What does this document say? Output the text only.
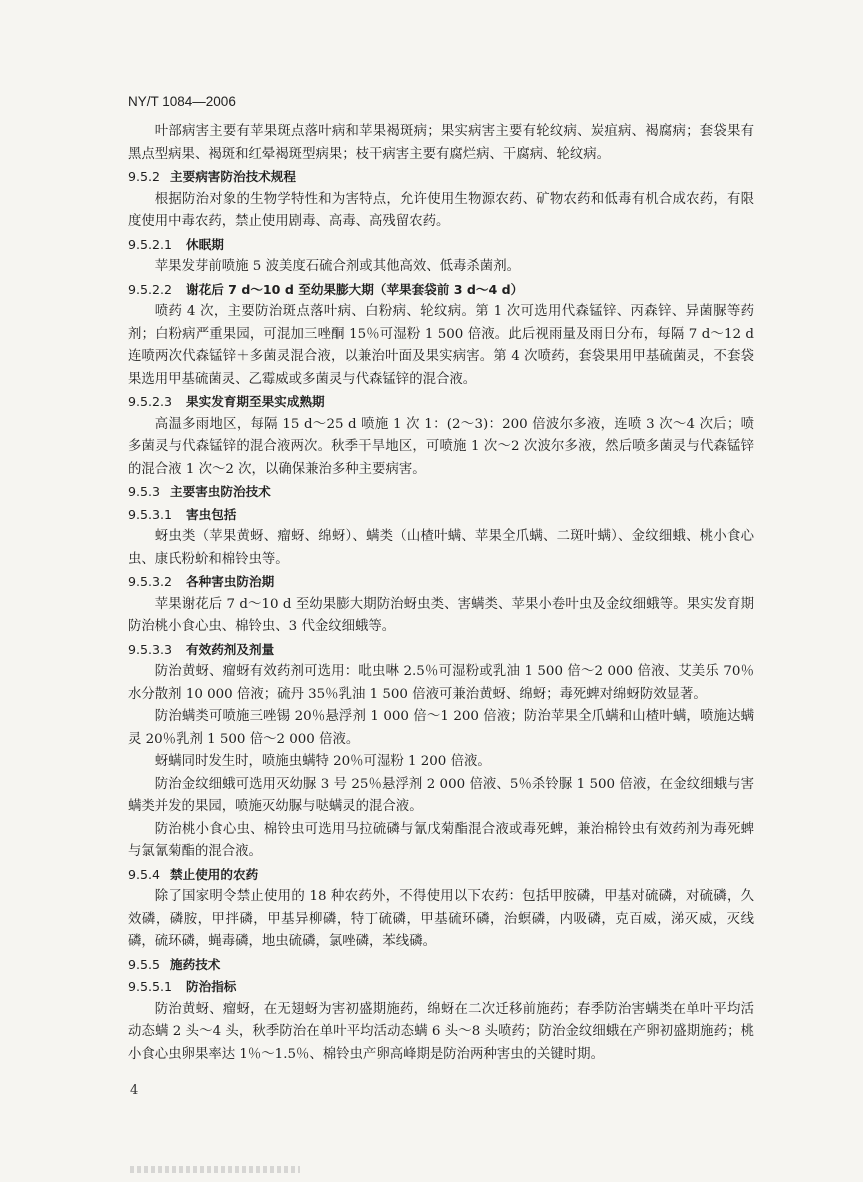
NY/T 1084—2006

叶部病害主要有苹果斑点落叶病和苹果褐斑病；果实病害主要有轮纹病、炭疽病、褐腐病；套袋果有黑点型病果、褐斑和红晕褐斑型病果；枝干病害主要有腐烂病、干腐病、轮纹病。

9.5.2 主要病害防治技术规程

根据防治对象的生物学特性和为害特点，允许使用生物源农药、矿物农药和低毒有机合成农药，有限度使用中毒农药，禁止使用剧毒、高毒、高残留农药。

9.5.2.1 休眠期

苹果发芽前喷施 5 波美度石硫合剂或其他高效、低毒杀菌剂。

9.5.2.2 谢花后 7 d～10 d 至幼果膨大期（苹果套袋前 3 d～4 d）

喷药 4 次，主要防治斑点落叶病、白粉病、轮纹病。第 1 次可选用代森锰锌、丙森锌、异菌脲等药剂；白粉病严重果园，可混加三唑酮 15％可湿粉 1 500 倍液。此后视雨量及雨日分布，每隔 7 d～12 d 连喷两次代森锰锌＋多菌灵混合液，以兼治叶面及果实病害。第 4 次喷药，套袋果用甲基硫菌灵，不套袋果选用甲基硫菌灵、乙霉威或多菌灵与代森锰锌的混合液。

9.5.2.3 果实发育期至果实成熟期

高温多雨地区，每隔 15 d～25 d 喷施 1 次 1：(2～3)：200 倍波尔多液，连喷 3 次～4 次后；喷多菌灵与代森锰锌的混合液两次。秋季干旱地区，可喷施 1 次～2 次波尔多液，然后喷多菌灵与代森锰锌的混合液 1 次～2 次，以确保兼治多种主要病害。

9.5.3 主要害虫防治技术
9.5.3.1 害虫包括

蚜虫类（苹果黄蚜、瘤蚜、绵蚜）、螨类（山楂叶螨、苹果全爪螨、二斑叶螨）、金纹细蛾、桃小食心虫、康氏粉蚧和棉铃虫等。

9.5.3.2 各种害虫防治期

苹果谢花后 7 d～10 d 至幼果膨大期防治蚜虫类、害螨类、苹果小卷叶虫及金纹细蛾等。果实发育期防治桃小食心虫、棉铃虫、3 代金纹细蛾等。

9.5.3.3 有效药剂及剂量

防治黄蚜、瘤蚜有效药剂可选用：吡虫啉 2.5％可湿粉或乳油 1 500 倍～2 000 倍液、艾美乐 70％水分散剂 10 000 倍液；硫丹 35％乳油 1 500 倍液可兼治黄蚜、绵蚜；毒死蜱对绵蚜防效显著。

防治螨类可喷施三唑锡 20％悬浮剂 1 000 倍～1 200 倍液；防治苹果全爪螨和山楂叶螨，喷施达螨灵 20％乳剂 1 500 倍～2 000 倍液。

蚜螨同时发生时，喷施虫螨特 20％可湿粉 1 200 倍液。

防治金纹细蛾可选用灭幼脲 3 号 25％悬浮剂 2 000 倍液、5％杀铃脲 1 500 倍液，在金纹细蛾与害螨类并发的果园，喷施灭幼脲与哒螨灵的混合液。

防治桃小食心虫、棉铃虫可选用马拉硫磷与氰戊菊酯混合液或毒死蜱，兼治棉铃虫有效药剂为毒死蜱与氯氰菊酯的混合液。

9.5.4 禁止使用的农药

除了国家明令禁止使用的 18 种农药外，不得使用以下农药：包括甲胺磷，甲基对硫磷，对硫磷，久效磷，磷胺，甲拌磷，甲基异柳磷，特丁硫磷，甲基硫环磷，治螟磷，内吸磷，克百威，涕灭威，灭线磷，硫环磷，蝇毒磷，地虫硫磷，氯唑磷，苯线磷。

9.5.5 施药技术
9.5.5.1 防治指标

防治黄蚜、瘤蚜，在无翅蚜为害初盛期施药，绵蚜在二次迁移前施药；春季防治害螨类在单叶平均活动态螨 2 头～4 头，秋季防治在单叶平均活动态螨 6 头～8 头喷药；防治金纹细蛾在产卵初盛期施药；桃小食心虫卵果率达 1％～1.5％、棉铃虫产卵高峰期是防治两种害虫的关键时期。

4
